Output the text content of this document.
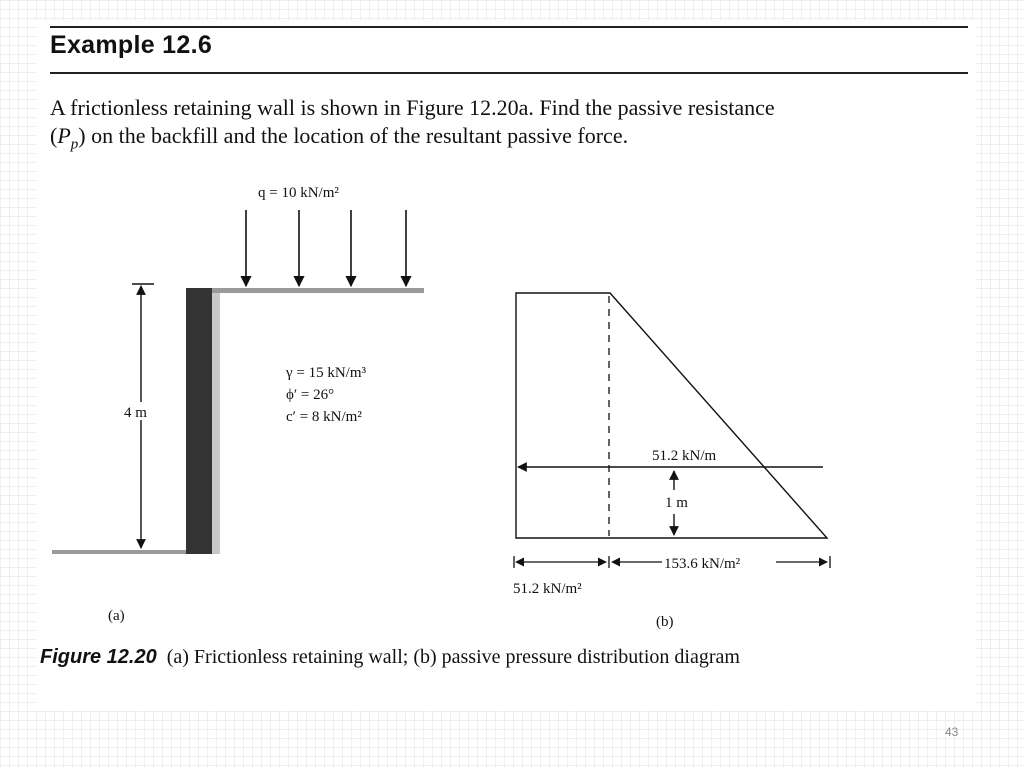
Example 12.6

A frictionless retaining wall is shown in Figure 12.20a. Find the passive resistance

$(P_p)$ on the backfill and the location of the resultant passive force.

q = 10 kN/m²
4 m
γ = 15 kN/m³
ϕ′ = 26°
c′ = 8 kN/m²
(a)
51.2 kN/m
1 m
153.6 kN/m²
51.2 kN/m²
(b)

Figure 12.20 (a) Frictionless retaining wall; (b) passive pressure distribution diagram

43
